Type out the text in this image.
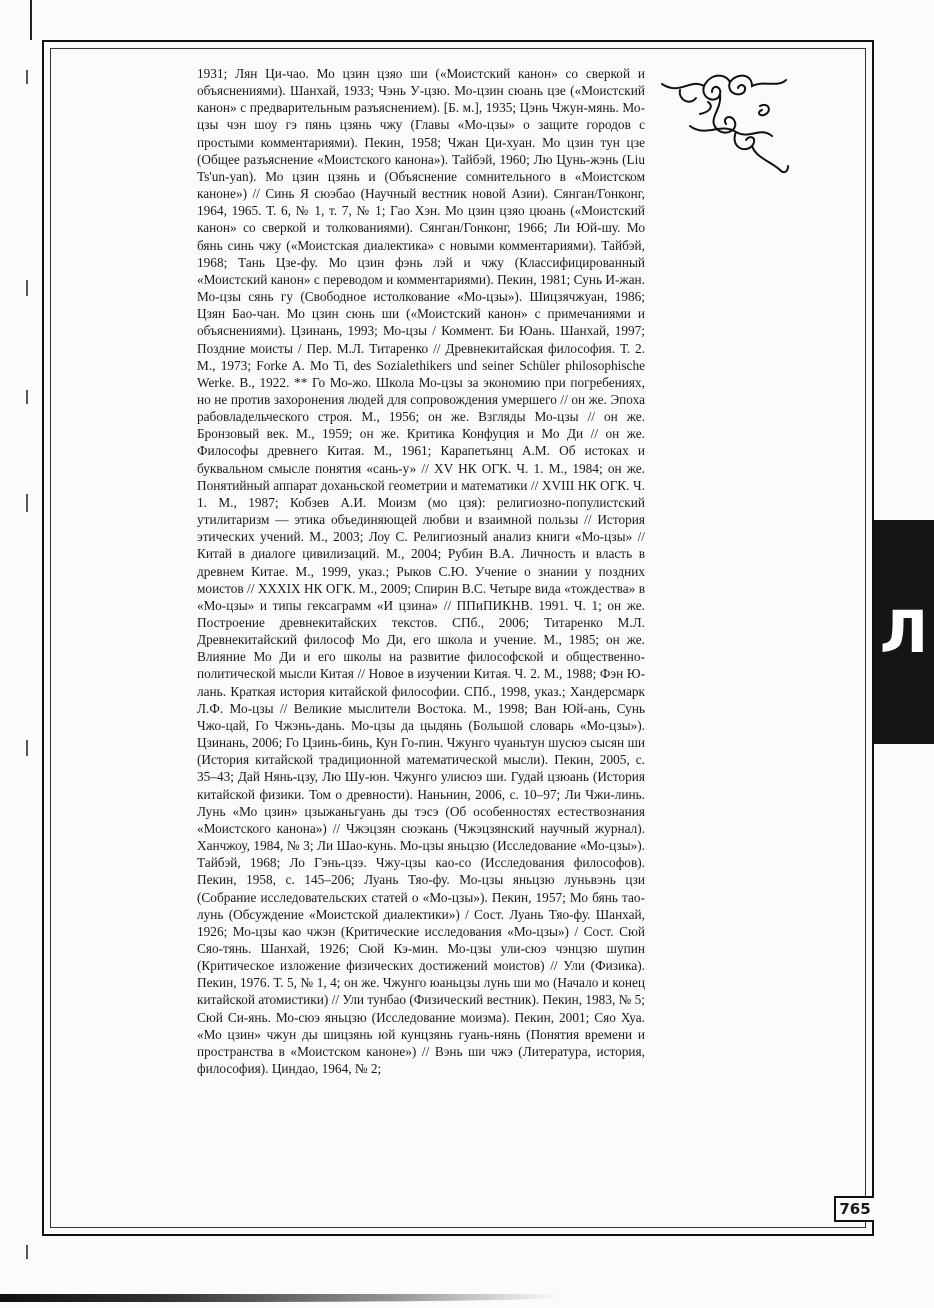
1931; Лян Ци-чао. Мо цзин цзяо ши («Моистский канон» со сверкой и объяснениями). Шанхай, 1933; Чэнь У-цзю. Мо-цзин сюань цзе («Моистский канон» с предварительным разъяснением). [Б. м.], 1935; Цэнь Чжун-мянь. Мо-цзы чэн шоу гэ пянь цзянь чжу (Главы «Мо-цзы» о защите городов с простыми комментариями). Пекин, 1958; Чжан Ци-хуан. Мо цзин тун цзе (Общее разъяснение «Моистского канона»). Тайбэй, 1960; Лю Цунь-жэнь (Liu Ts'un-yan). Мо цзин цзянь и (Объяснение сомнительного в «Моистском каноне») // Синь Я сюэбао (Научный вестник новой Азии). Сянган/Гонконг, 1964, 1965. Т. 6, № 1, т. 7, № 1; Гао Хэн. Мо цзин цзяо цюань («Моистский канон» со сверкой и толкованиями). Сянган/Гонконг, 1966; Ли Юй-шу. Мо бянь синь чжу («Моистская диалектика» с новыми комментариями). Тайбэй, 1968; Тань Цзе-фу. Мо цзин фэнь лэй и чжу (Классифицированный «Моистский канон» с переводом и комментариями). Пекин, 1981; Сунь И-жан. Мо-цзы сянь гу (Свободное истолкование «Мо-цзы»). Шицзячжуан, 1986; Цзян Бао-чан. Мо цзин сюнь ши («Моистский канон» с примечаниями и объяснениями). Цзинань, 1993; Мо-цзы / Коммент. Би Юань. Шанхай, 1997; Поздние моисты / Пер. М.Л. Титаренко // Древнекитайская философия. Т. 2. М., 1973; Forke A. Mo Ti, des Sozialethikers und seiner Schüler philosophische Werke. B., 1922. ** Го Мо-жо. Школа Мо-цзы за экономию при погребениях, но не против захоронения людей для сопровождения умершего // он же. Эпоха рабовладельческого строя. М., 1956; он же. Взгляды Мо-цзы // он же. Бронзовый век. М., 1959; он же. Критика Конфуция и Мо Ди // он же. Философы древнего Китая. М., 1961; Карапетьянц А.М. Об истоках и буквальном смысле понятия «сань-у» // XV НК ОГК. Ч. 1. М., 1984; он же. Понятийный аппарат доханьской геометрии и математики // XVIII НК ОГК. Ч. 1. М., 1987; Кобзев А.И. Моизм (мо цзя): религиозно-популистский утилитаризм — этика объединяющей любви и взаимной пользы // История этических учений. М., 2003; Лоу С. Религиозный анализ книги «Мо-цзы» // Китай в диалоге цивилизаций. М., 2004; Рубин В.А. Личность и власть в древнем Китае. М., 1999, указ.; Рыков С.Ю. Учение о знании у поздних моистов // XXXIX НК ОГК. М., 2009; Спирин В.С. Четыре вида «тождества» в «Мо-цзы» и типы гексаграмм «И цзина» // ППиПИКНВ. 1991. Ч. 1; он же. Построение древнекитайских текстов. СПб., 2006; Титаренко М.Л. Древнекитайский философ Мо Ди, его школа и учение. М., 1985; он же. Влияние Мо Ди и его школы на развитие философской и общественно-политической мысли Китая // Новое в изучении Китая. Ч. 2. М., 1988; Фэн Ю-лань. Краткая история китайской философии. СПб., 1998, указ.; Хандерсмарк Л.Ф. Мо-цзы // Великие мыслители Востока. М., 1998; Ван Юй-ань, Сунь Чжо-цай, Го Чжэнь-дань. Мо-цзы да цыдянь (Большой словарь «Мо-цзы»). Цзинань, 2006; Го Цзинь-бинь, Кун Го-пин. Чжунго чуаньтун шусюэ сысян ши (История китайской традиционной математической мысли). Пекин, 2005, с. 35–43; Дай Нянь-цзу, Лю Шу-юн. Чжунго улисюэ ши. Гудай цзюань (История китайской физики. Том о древности). Наньнин, 2006, с. 10–97; Ли Чжи-линь. Лунь «Мо цзин» цзыжаньгуань ды тэсэ (Об особенностях естествознания «Моистского канона») // Чжэцзян сюэкань (Чжэцзянский научный журнал). Ханчжоу, 1984, № 3; Ли Шао-кунь. Мо-цзы яньцзю (Исследование «Мо-цзы»). Тайбэй, 1968; Ло Гэнь-цзэ. Чжу-цзы као-со (Исследования философов). Пекин, 1958, с. 145–206; Луань Тяо-фу. Мо-цзы яньцзю луньвэнь цзи (Собрание исследовательских статей о «Мо-цзы»). Пекин, 1957; Мо бянь тао-лунь (Обсуждение «Моистской диалектики») / Сост. Луань Тяо-фу. Шанхай, 1926; Мо-цзы као чжэн (Критические исследования «Мо-цзы») / Сост. Сюй Сяо-тянь. Шанхай, 1926; Сюй Кэ-мин. Мо-цзы ули-сюэ чэнцзю шупин (Критическое изложение физических достижений моистов) // Ули (Физика). Пекин, 1976. Т. 5, № 1, 4; он же. Чжунго юаньцзы лунь ши мо (Начало и конец китайской атомистики) // Ули тунбао (Физический вестник). Пекин, 1983, № 5; Сюй Си-янь. Мо-сюэ яньцзю (Исследование моизма). Пекин, 2001; Сяо Хуа. «Мо цзин» чжун ды шицзянь юй кунцзянь гуань-нянь (Понятия времени и пространства в «Моистском каноне») // Вэнь ши чжэ (Литература, история, философия). Циндао, 1964, № 2;

Л
765
